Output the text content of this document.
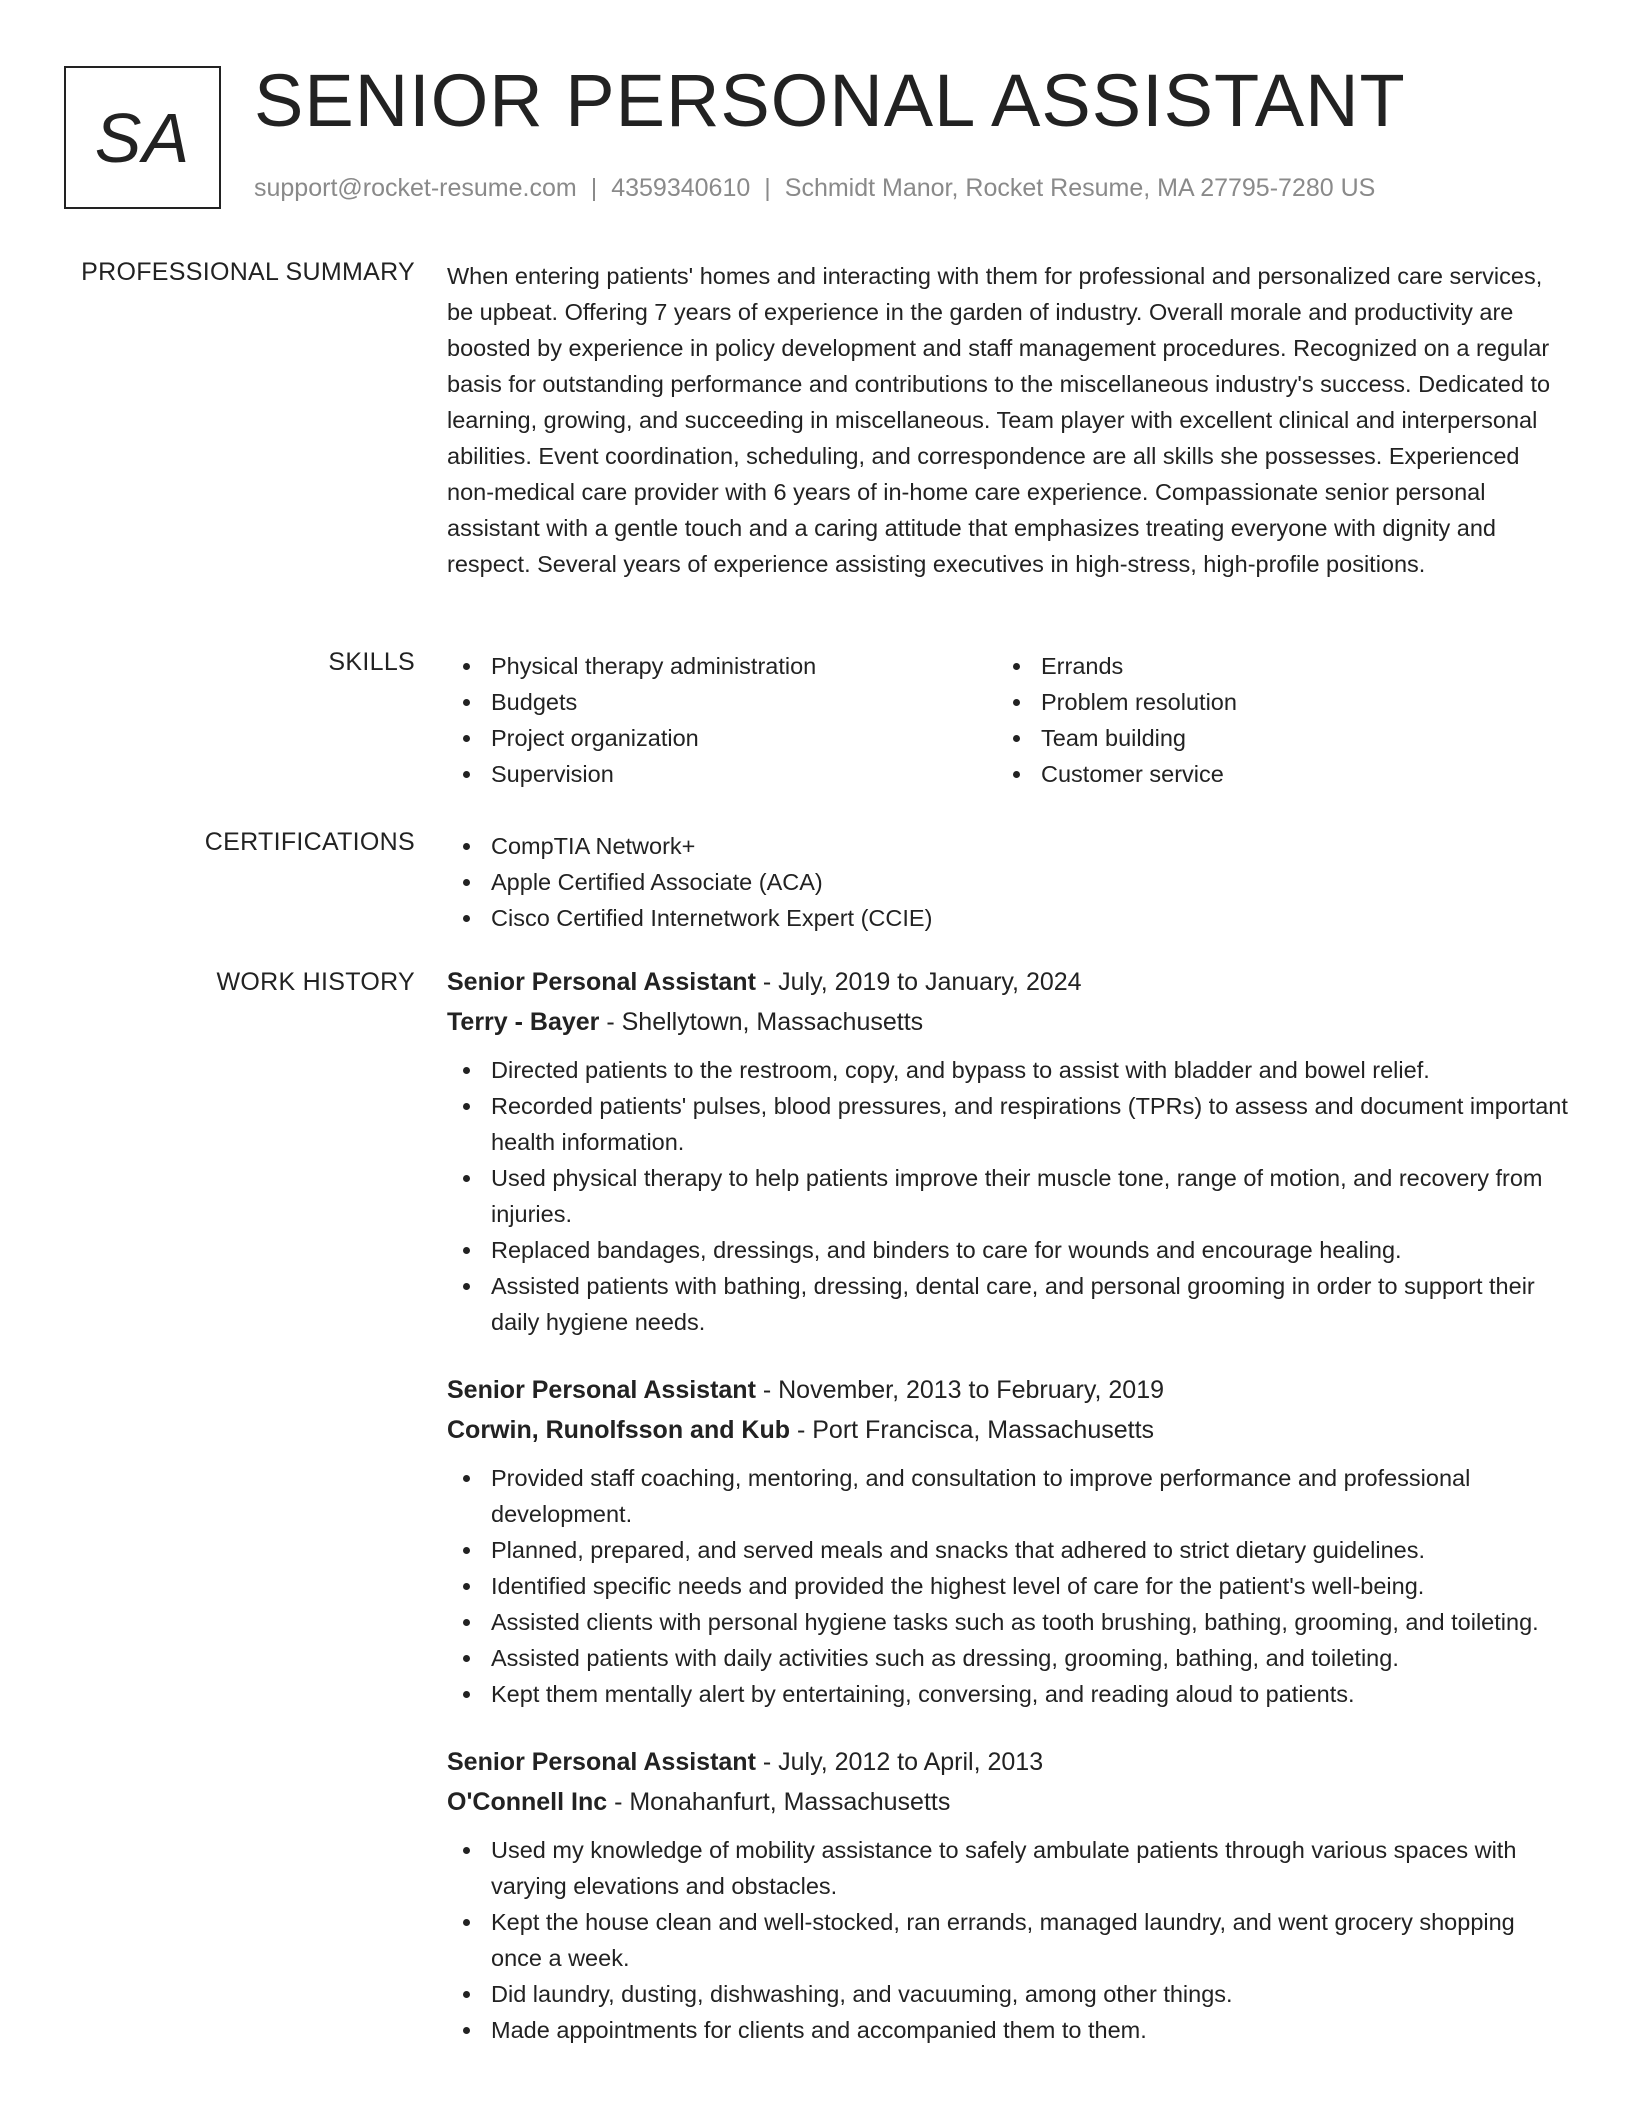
SA SENIOR PERSONAL ASSISTANT
support@rocket-resume.com | 4359340610 | Schmidt Manor, Rocket Resume, MA 27795-7280 US
PROFESSIONAL SUMMARY When entering patients' homes and interacting with them for professional and personalized care services, be upbeat. Offering 7 years of experience in the garden of industry. Overall morale and productivity are boosted by experience in policy development and staff management procedures. Recognized on a regular basis for outstanding performance and contributions to the miscellaneous industry's success. Dedicated to learning, growing, and succeeding in miscellaneous. Team player with excellent clinical and interpersonal abilities. Event coordination, scheduling, and correspondence are all skills she possesses. Experienced non-medical care provider with 6 years of in-home care experience. Compassionate senior personal assistant with a gentle touch and a caring attitude that emphasizes treating everyone with dignity and respect. Several years of experience assisting executives in high-stress, high-profile positions.
SKILLS	Physical therapy administration
Budgets
Project organization
Supervision
Errands
Problem resolution
Team building
Customer service
CERTIFICATIONS	CompTIA Network+
Apple Certified Associate (ACA)
Cisco Certified Internetwork Expert (CCIE)
WORK HISTORY Senior Personal Assistant - July, 2019 to January, 2024
Terry - Bayer - Shellytown, Massachusetts
Directed patients to the restroom, copy, and bypass to assist with bladder and bowel relief.
Recorded patients' pulses, blood pressures, and respirations (TPRs) to assess and document important health information.
Used physical therapy to help patients improve their muscle tone, range of motion, and recovery from injuries.
Replaced bandages, dressings, and binders to care for wounds and encourage healing.
Assisted patients with bathing, dressing, dental care, and personal grooming in order to support their daily hygiene needs.
Senior Personal Assistant - November, 2013 to February, 2019
Corwin, Runolfsson and Kub - Port Francisca, Massachusetts
Provided staff coaching, mentoring, and consultation to improve performance and professional development.
Planned, prepared, and served meals and snacks that adhered to strict dietary guidelines.
Identified specific needs and provided the highest level of care for the patient's well-being.
Assisted clients with personal hygiene tasks such as tooth brushing, bathing, grooming, and toileting.
Assisted patients with daily activities such as dressing, grooming, bathing, and toileting.
Kept them mentally alert by entertaining, conversing, and reading aloud to patients.
Senior Personal Assistant - July, 2012 to April, 2013
O'Connell Inc - Monahanfurt, Massachusetts
Used my knowledge of mobility assistance to safely ambulate patients through various spaces with varying elevations and obstacles.
Kept the house clean and well-stocked, ran errands, managed laundry, and went grocery shopping once a week.
Did laundry, dusting, dishwashing, and vacuuming, among other things.
Made appointments for clients and accompanied them to them.
